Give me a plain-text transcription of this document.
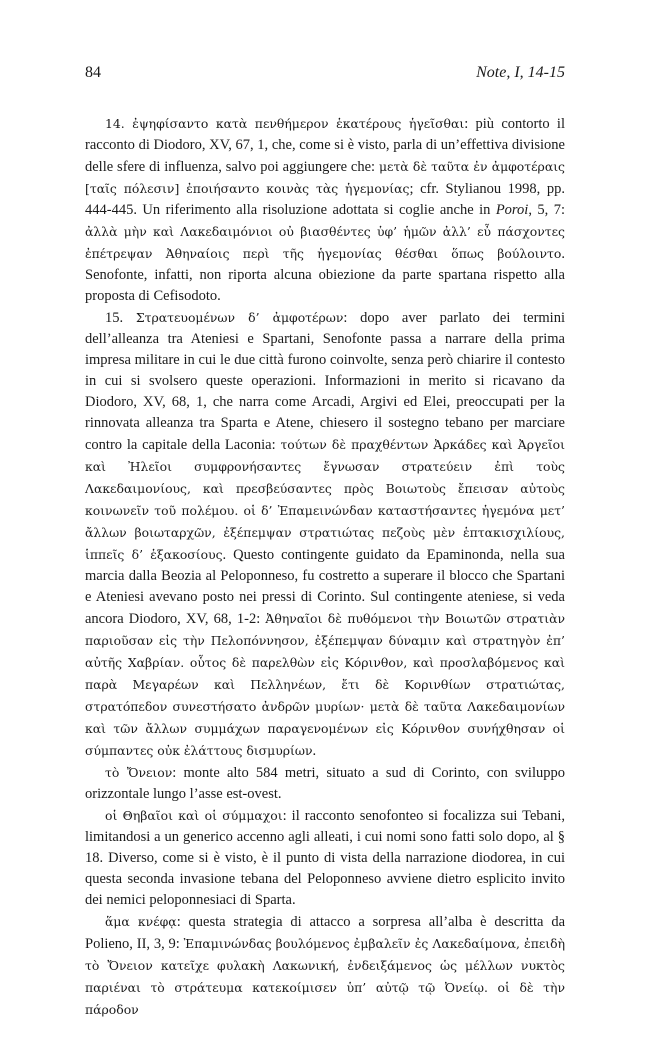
84	Note, I, 14-15

14. ἐψηφίσαντο κατὰ πενθήμερον ἑκατέρους ἡγεῖσθαι: più contorto il racconto di Diodoro, XV, 67, 1, che, come si è visto, parla di un’effettiva divisione delle sfere di influenza, salvo poi aggiungere che: μετὰ δὲ ταῦτα ἐν ἀμφοτέραις [ταῖς πόλεσιν] ἐποιήσαντο κοινὰς τὰς ἡγεμονίας; cfr. Stylianou 1998, pp. 444-445. Un riferimento alla risoluzione adottata si coglie anche in Poroi, 5, 7: ἀλλὰ μὴν καὶ Λακεδαιμόνιοι οὐ βιασθέντες ὑφ’ ἡμῶν ἀλλ’ εὖ πάσχοντες ἐπέτρεψαν Ἀθηναίοις περὶ τῆς ἡγεμονίας θέσθαι ὅπως βούλοιντο. Senofonte, infatti, non riporta alcuna obiezione da parte spartana rispetto alla proposta di Cefisodoto.

15. Στρατευομένων δ’ ἀμφοτέρων: dopo aver parlato dei termini dell’alleanza tra Ateniesi e Spartani, Senofonte passa a narrare della prima impresa militare in cui le due città furono coinvolte, senza però chiarire il contesto in cui si svolsero queste operazioni. Informazioni in merito si ricavano da Diodoro, XV, 68, 1, che narra come Arcadi, Argivi ed Elei, preoccupati per la rinnovata alleanza tra Sparta e Atene, chiesero il sostegno tebano per marciare contro la capitale della Laconia: τούτων δὲ πραχθέντων Ἀρκάδες καὶ Ἀργεῖοι καὶ Ἠλεῖοι συμφρονήσαντες ἔγνωσαν στρατεύειν ἐπὶ τοὺς Λακεδαιμονίους, καὶ πρεσβεύσαντες πρὸς Βοιωτοὺς ἔπεισαν αὐτοὺς κοινωνεῖν τοῦ πολέμου. οἱ δ’ Ἐπαμεινώνδαν καταστήσαντες ἡγεμόνα μετ’ ἄλλων βοιωταρχῶν, ἐξέπεμψαν στρατιώτας πεζοὺς μὲν ἑπτακισχιλίους, ἱππεῖς δ’ ἑξακοσίους. Questo contingente guidato da Epaminonda, nella sua marcia dalla Beozia al Peloponneso, fu costretto a superare il blocco che Spartani e Ateniesi avevano posto nei pressi di Corinto. Sul contingente ateniese, si veda ancora Diodoro, XV, 68, 1-2: Ἀθηναῖοι δὲ πυθόμενοι τὴν Βοιωτῶν στρατιὰν παριοῦσαν εἰς τὴν Πελοπόννησον, ἐξέπεμψαν δύναμιν καὶ στρατηγὸν ἐπ’ αὐτῆς Χαβρίαν. οὗτος δὲ παρελθὼν εἰς Κόρινθον, καὶ προσλαβόμενος καὶ παρὰ Μεγαρέων καὶ Πελληνέων, ἔτι δὲ Κορινθίων στρατιώτας, στρατόπεδον συνεστήσατο ἀνδρῶν μυρίων· μετὰ δὲ ταῦτα Λακεδαιμονίων καὶ τῶν ἄλλων συμμάχων παραγενομένων εἰς Κόρινθον συνήχθησαν οἱ σύμπαντες οὐκ ἐλάττους δισμυρίων.

τὸ Ὄνειον: monte alto 584 metri, situato a sud di Corinto, con sviluppo orizzontale lungo l’asse est-ovest.

οἱ Θηβαῖοι καὶ οἱ σύμμαχοι: il racconto senofonteo si focalizza sui Tebani, limitandosi a un generico accenno agli alleati, i cui nomi sono fatti solo dopo, al § 18. Diverso, come si è visto, è il punto di vista della narrazione diodorea, in cui questa seconda invasione tebana del Peloponneso avviene dietro esplicito invito dei nemici peloponnesiaci di Sparta.

ἅμα κνέφᾳ: questa strategia di attacco a sorpresa all’alba è descritta da Polieno, II, 3, 9: Ἐπαμινώνδας βουλόμενος ἐμβαλεῖν ἐς Λακεδαίμονα, ἐπειδὴ τὸ Ὄνειον κατεῖχε φυλακὴ Λακωνική, ἐνδειξάμενος ὡς μέλλων νυκτὸς παριέναι τὸ στράτευμα κατεκοίμισεν ὑπ’ αὐτῷ τῷ Ὀνείῳ. οἱ δὲ τὴν πάροδον
